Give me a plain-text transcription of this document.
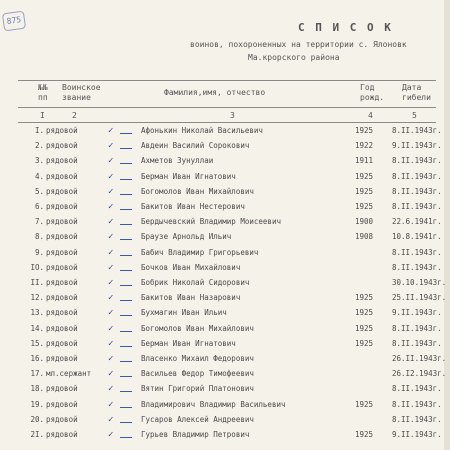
875
С П И С О К
воинов, похороненных на территории с. Ялоновк
Ма.крорского района
№№
пп
Воинское
звание
Фамилия,имя, отчество
Год
рожд.
Дата
гибели
I	2	3	4	5
I. рядовой	✓	Афонькин Николай Васильевич	1925	8.II.1943г.
2. рядовой	✓	Авдеин Василий Сорокович	1922	9.II.1943г.
3. рядовой	✓	Ахметов Зунуллаи	1911	8.II.1943г.
4. рядовой	✓	Берман Иван Игнатович	1925	8.II.1943г.
5. рядовой	✓	Богомолов Иван Михайлович	1925	8.II.1943г.
6. рядовой	✓	Бакитов Иван Нестерович	1925	8.II.1943г.
7. рядовой	✓	Бердычевский Владимир Моисеевич	1900	22.6.1941г.
8. рядовой	✓	Браузе Арнольд Ильич	1908	10.8.1941г.
9. рядовой	✓	Бабич Владимир Григорьевич	8.II.1943г.
IO. рядовой	✓	Бочков Иван Михайлович	8.II.1943г.
II. рядовой	✓	Бобрик Николай Сидорович	30.10.1943г.
12. рядовой	✓	Бакитов Иван Назарович	1925	25.II.1943г.
13. рядовой	✓	Бухмагин Иван Ильич	1925	9.II.1943г.
14. рядовой	✓	Богомолов Иван Михайлович	1925	8.II.1943г.
15. рядовой	✓	Берман Иван Игнатович	1925	8.II.1943г.
16. рядовой	✓	Власенко Михаил Федорович	26.II.1943г.
17. мл.сержант ✓	Васильев Федор Тимофеевич	26.I2.1943г.
18. рядовой	✓	Вятин Григорий Платонович	8.II.1943г.
19. рядовой	✓	Владимирович Владимир Васильевич	1925	8.II.1943г.
20. рядовой	✓	Гусаров Алексей Андреевич	8.II.1943г.
2I. рядовой	✓	Гурьев Владимир Петрович	1925	9.II.1943г.
